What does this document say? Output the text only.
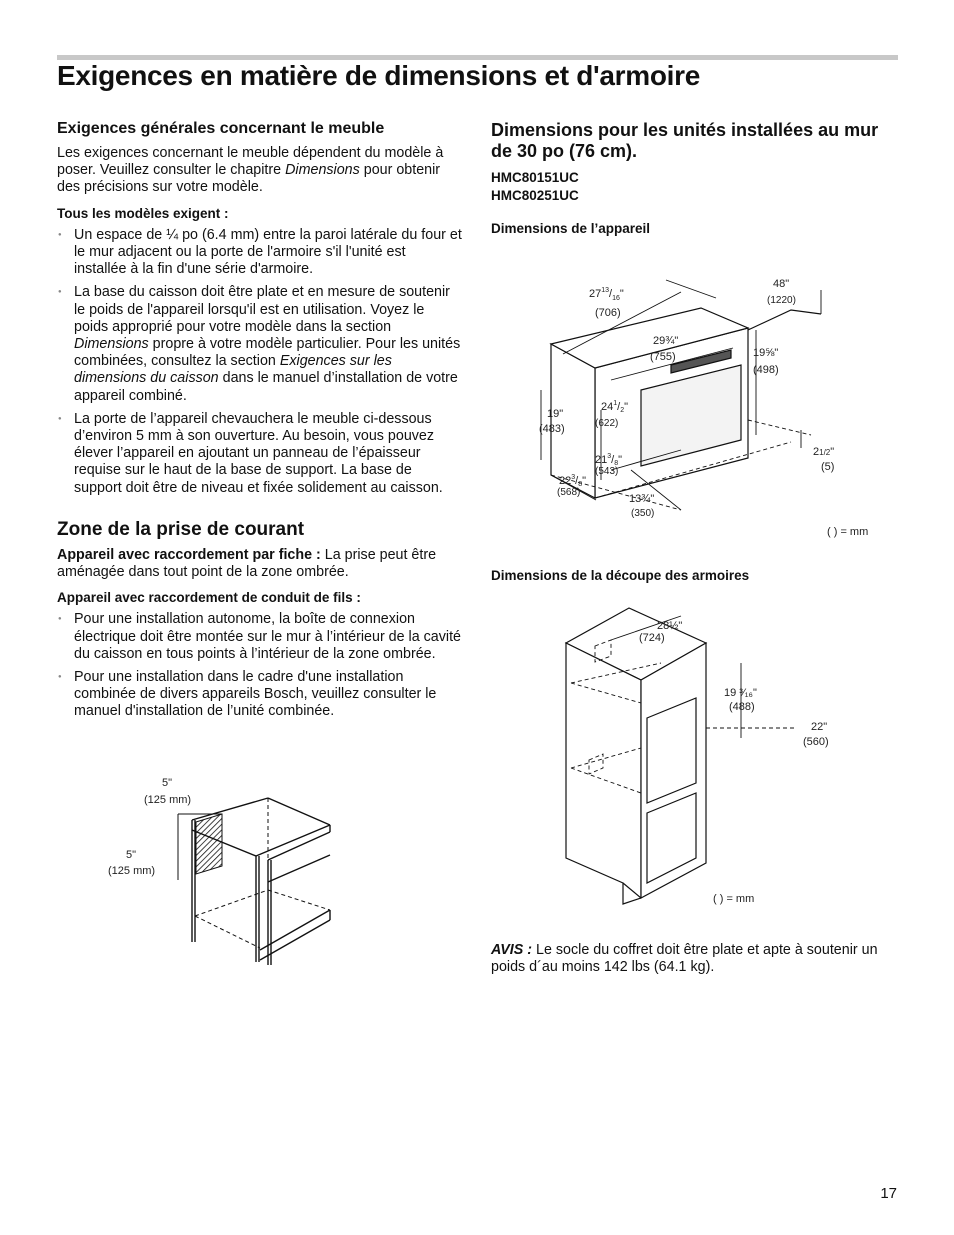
Exigences en matière de dimensions et d'armoire
Exigences générales concernant le meuble

Les exigences concernant le meuble dépendent du modèle à poser. Veuillez consulter le chapitre Dimensions pour obtenir des précisions sur votre modèle.

Tous les modèles exigent :

● Un espace de ¼ po (6.4 mm) entre la paroi latérale du four et le mur adjacent ou la porte de l'armoire s'il l'unité est installée à la fin d'une série d'armoire.
● La base du caisson doit être plate et en mesure de soutenir le poids de l'appareil lorsqu'il est en utilisation. Voyez le poids approprié pour votre modèle dans la section Dimensions propre à votre modèle particulier. Pour les unités combinées, consultez la section Exigences sur les dimensions du caisson dans le manuel d’installation de votre appareil combiné.
● La porte de l’appareil chevauchera le meuble ci-dessous d’environ 5 mm à son ouverture. Au besoin, vous pouvez élever l’appareil en ajoutant un panneau de l’épaisseur requise sur le haut de la base de support. La base de support doit être de niveau et fixée solidement au caisson.
Zone de la prise de courant

Appareil avec raccordement par fiche : La prise peut être aménagée dans tout point de la zone ombrée.

Appareil avec raccordement de conduit de fils :

● Pour une installation autonome, la boîte de connexion électrique doit être montée sur le mur à l’intérieur de la cavité du caisson en tous points à l’intérieur de la zone ombrée.
● Pour une installation dans le cadre d'une installation combinée de divers appareils Bosch, veuillez consulter le manuel d'installation de l’unité combinée.
5"
(125 mm)
5"
(125 mm)
Dimensions pour les unités installées au mur de 30 po (76 cm).
HMC80151UC
HMC80251UC
Dimensions de l’appareil
$27^{13}/_{16}$"
(706)
48"
(1220)
29¾"
(755)	19⅝"
(498)
19"
(483)
$24^1/2$"
(622)
$21^3/8$"
(543)
$22^3/8$"
(568)
13¾"
(350)
21/2"
(5)
( ) = mm
Dimensions de la découpe des armoires
28½"
(724)
19 ³⁄₁₆"
(488)
22"
(560)
( ) = mm

AVIS : Le socle du coffret doit être plate et apte à soutenir un poids d´au moins 142 lbs (64.1 kg).

17
